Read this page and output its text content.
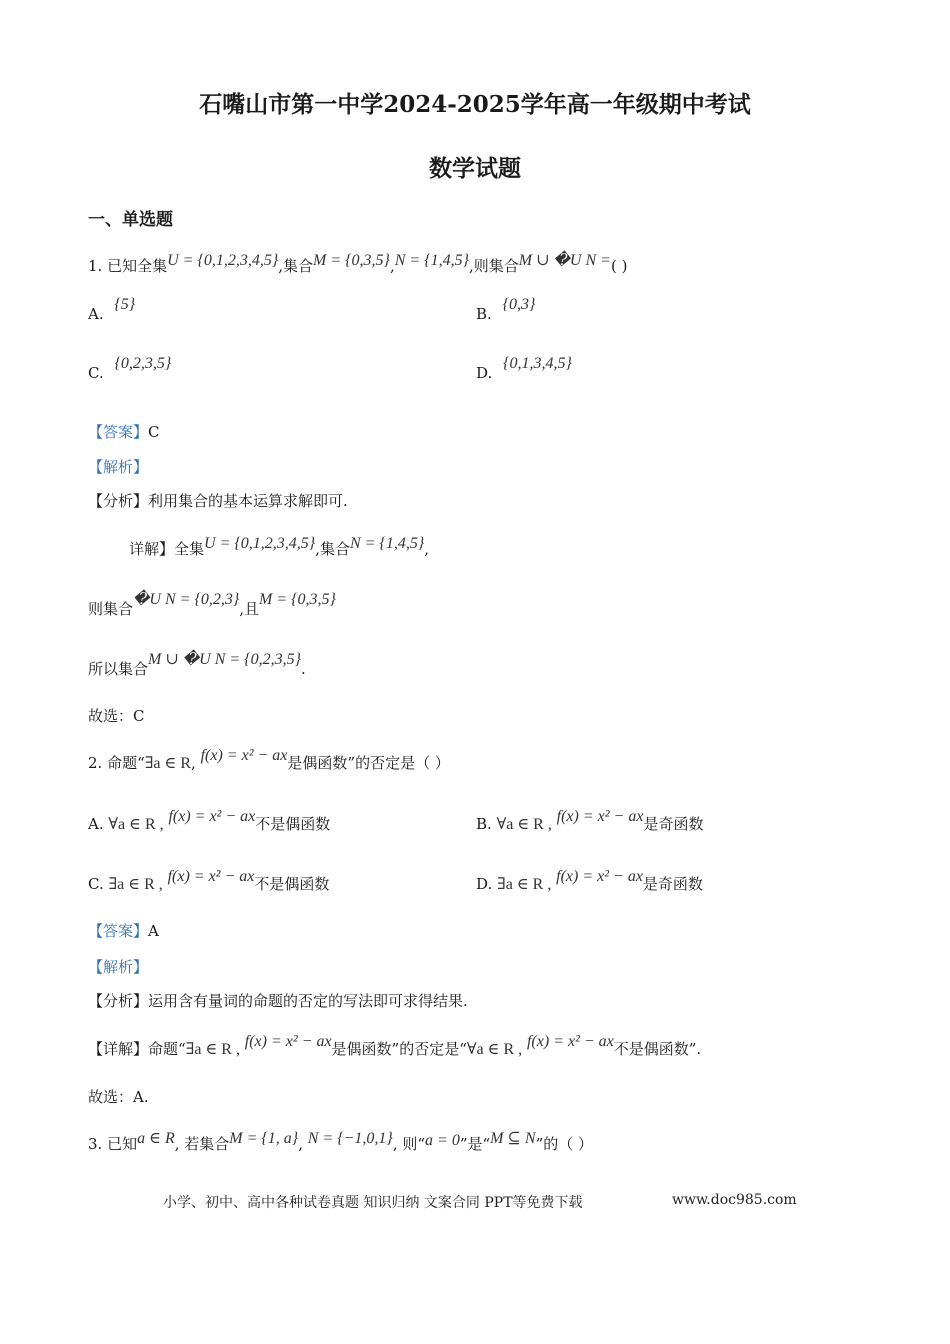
石嘴山市第一中学2024-2025学年高一年级期中考试
数学试题
一、单选题
1. 已知全集U = {0,1,2,3,4,5},集合M = {0,3,5},N = {1,4,5},则集合M ∪ �U N =( )
A. {5}
B. {0,3}
C. {0,2,3,5}
D. {0,1,3,4,5}
【答案】C
【解析】
【分析】利用集合的基本运算求解即可.
详解】全集U = {0,1,2,3,4,5},集合N = {1,4,5},
则集合�U N = {0,2,3},且M = {0,3,5}
所以集合M ∪ �U N = {0,2,3,5}.
故选：C
2. 命题“∃a ∈ R, f(x) = x² − ax是偶函数”的否定是（ ）
A. ∀a ∈ R , f(x) = x² − ax不是偶函数	B. ∀a ∈ R , f(x) = x² − ax是奇函数
C. ∃a ∈ R , f(x) = x² − ax不是偶函数	D. ∃a ∈ R , f(x) = x² − ax是奇函数
【答案】A
【解析】
【分析】运用含有量词的命题的否定的写法即可求得结果.
【详解】命题“∃a ∈ R , f(x) = x² − ax是偶函数”的否定是“∀a ∈ R , f(x) = x² − ax不是偶函数”.
故选：A.
3. 已知a ∈ R, 若集合M = {1, a}, N = {−1,0,1}, 则“a = 0”是“M ⊆ N”的（ ）
小学、初中、高中各种试卷真题 知识归纳 文案合同 PPT等免费下载	www.doc985.com
